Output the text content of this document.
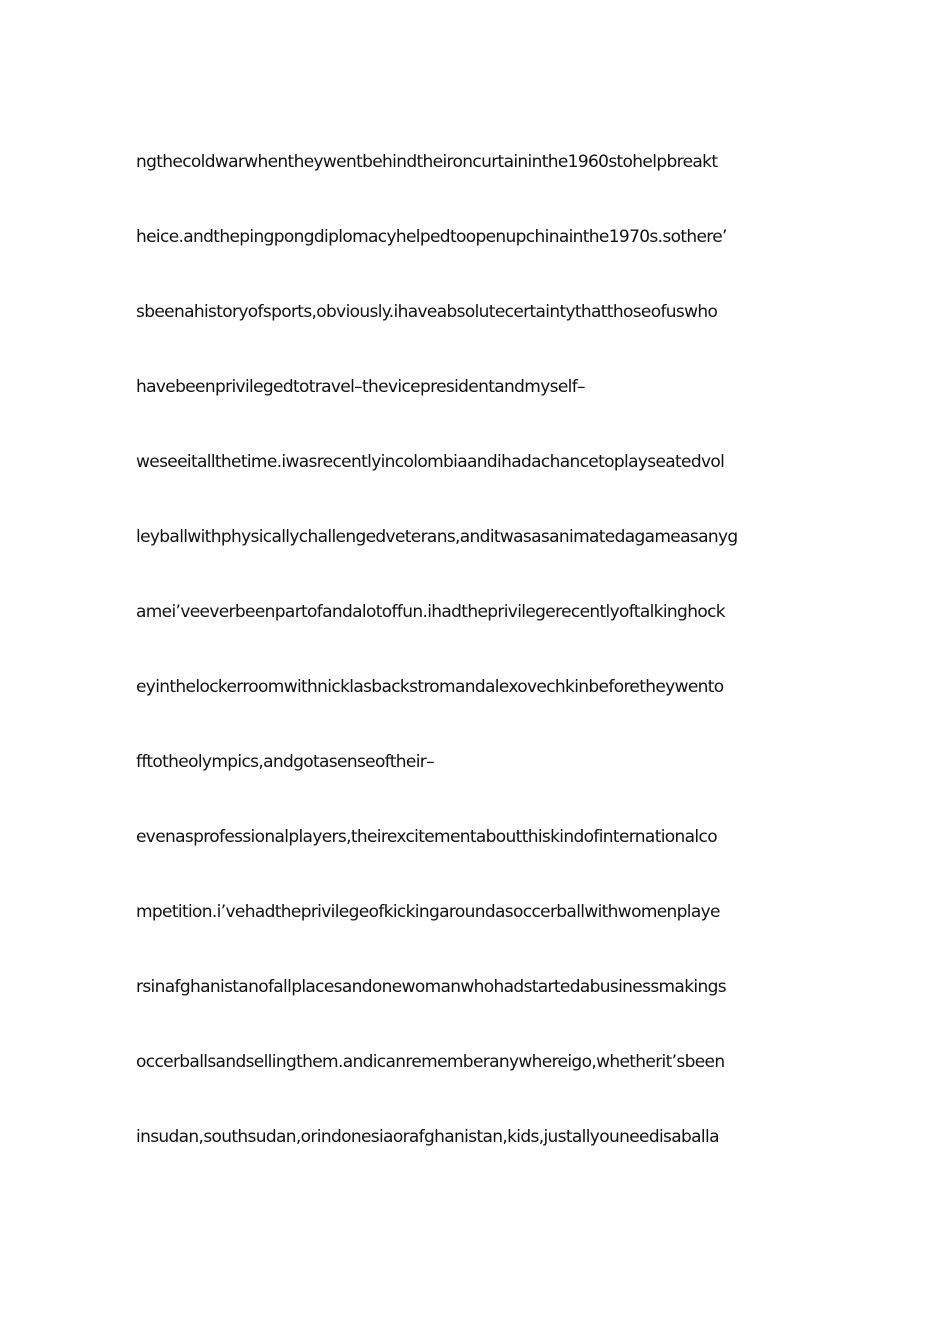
ngthecoldwarwhentheywentbehindtheironcurtaininthe1960stohelpbreakt
heice.andthepingpongdiplomacyhelpedtoopenupchinainthe1970s.sothere’
sbeenahistoryofsports,obviously.ihaveabsolutecertaintythatthoseofuswho
havebeenprivilegedtotravel–thevicepresidentandmyself–
weseeitallthetime.iwasrecentlyincolombiaandihadachancetoplayseatedvol
leyballwithphysicallychallengedveterans,anditwasasanimatedagameasanyg
amei’veeverbeenpartofandalotoffun.ihadtheprivilegerecentlyoftalkinghock
eyinthelockerroomwithnicklasbackstromandalexovechkinbeforetheywento
fftotheolympics,andgotasenseoftheir–
evenasprofessionalplayers,theirexcitementaboutthiskindofinternationalco
mpetition.i’vehadtheprivilegeofkickingaroundasoccerballwithwomenplaye
rsinafghanistanofallplacesandonewomanwhohadstartedabusinessmakings
occerballsandsellingthem.andicanrememberanywhereigo,whetherit’sbeen
insudan,southsudan,orindonesiaorafghanistan,kids,justallyouneedisaballa
